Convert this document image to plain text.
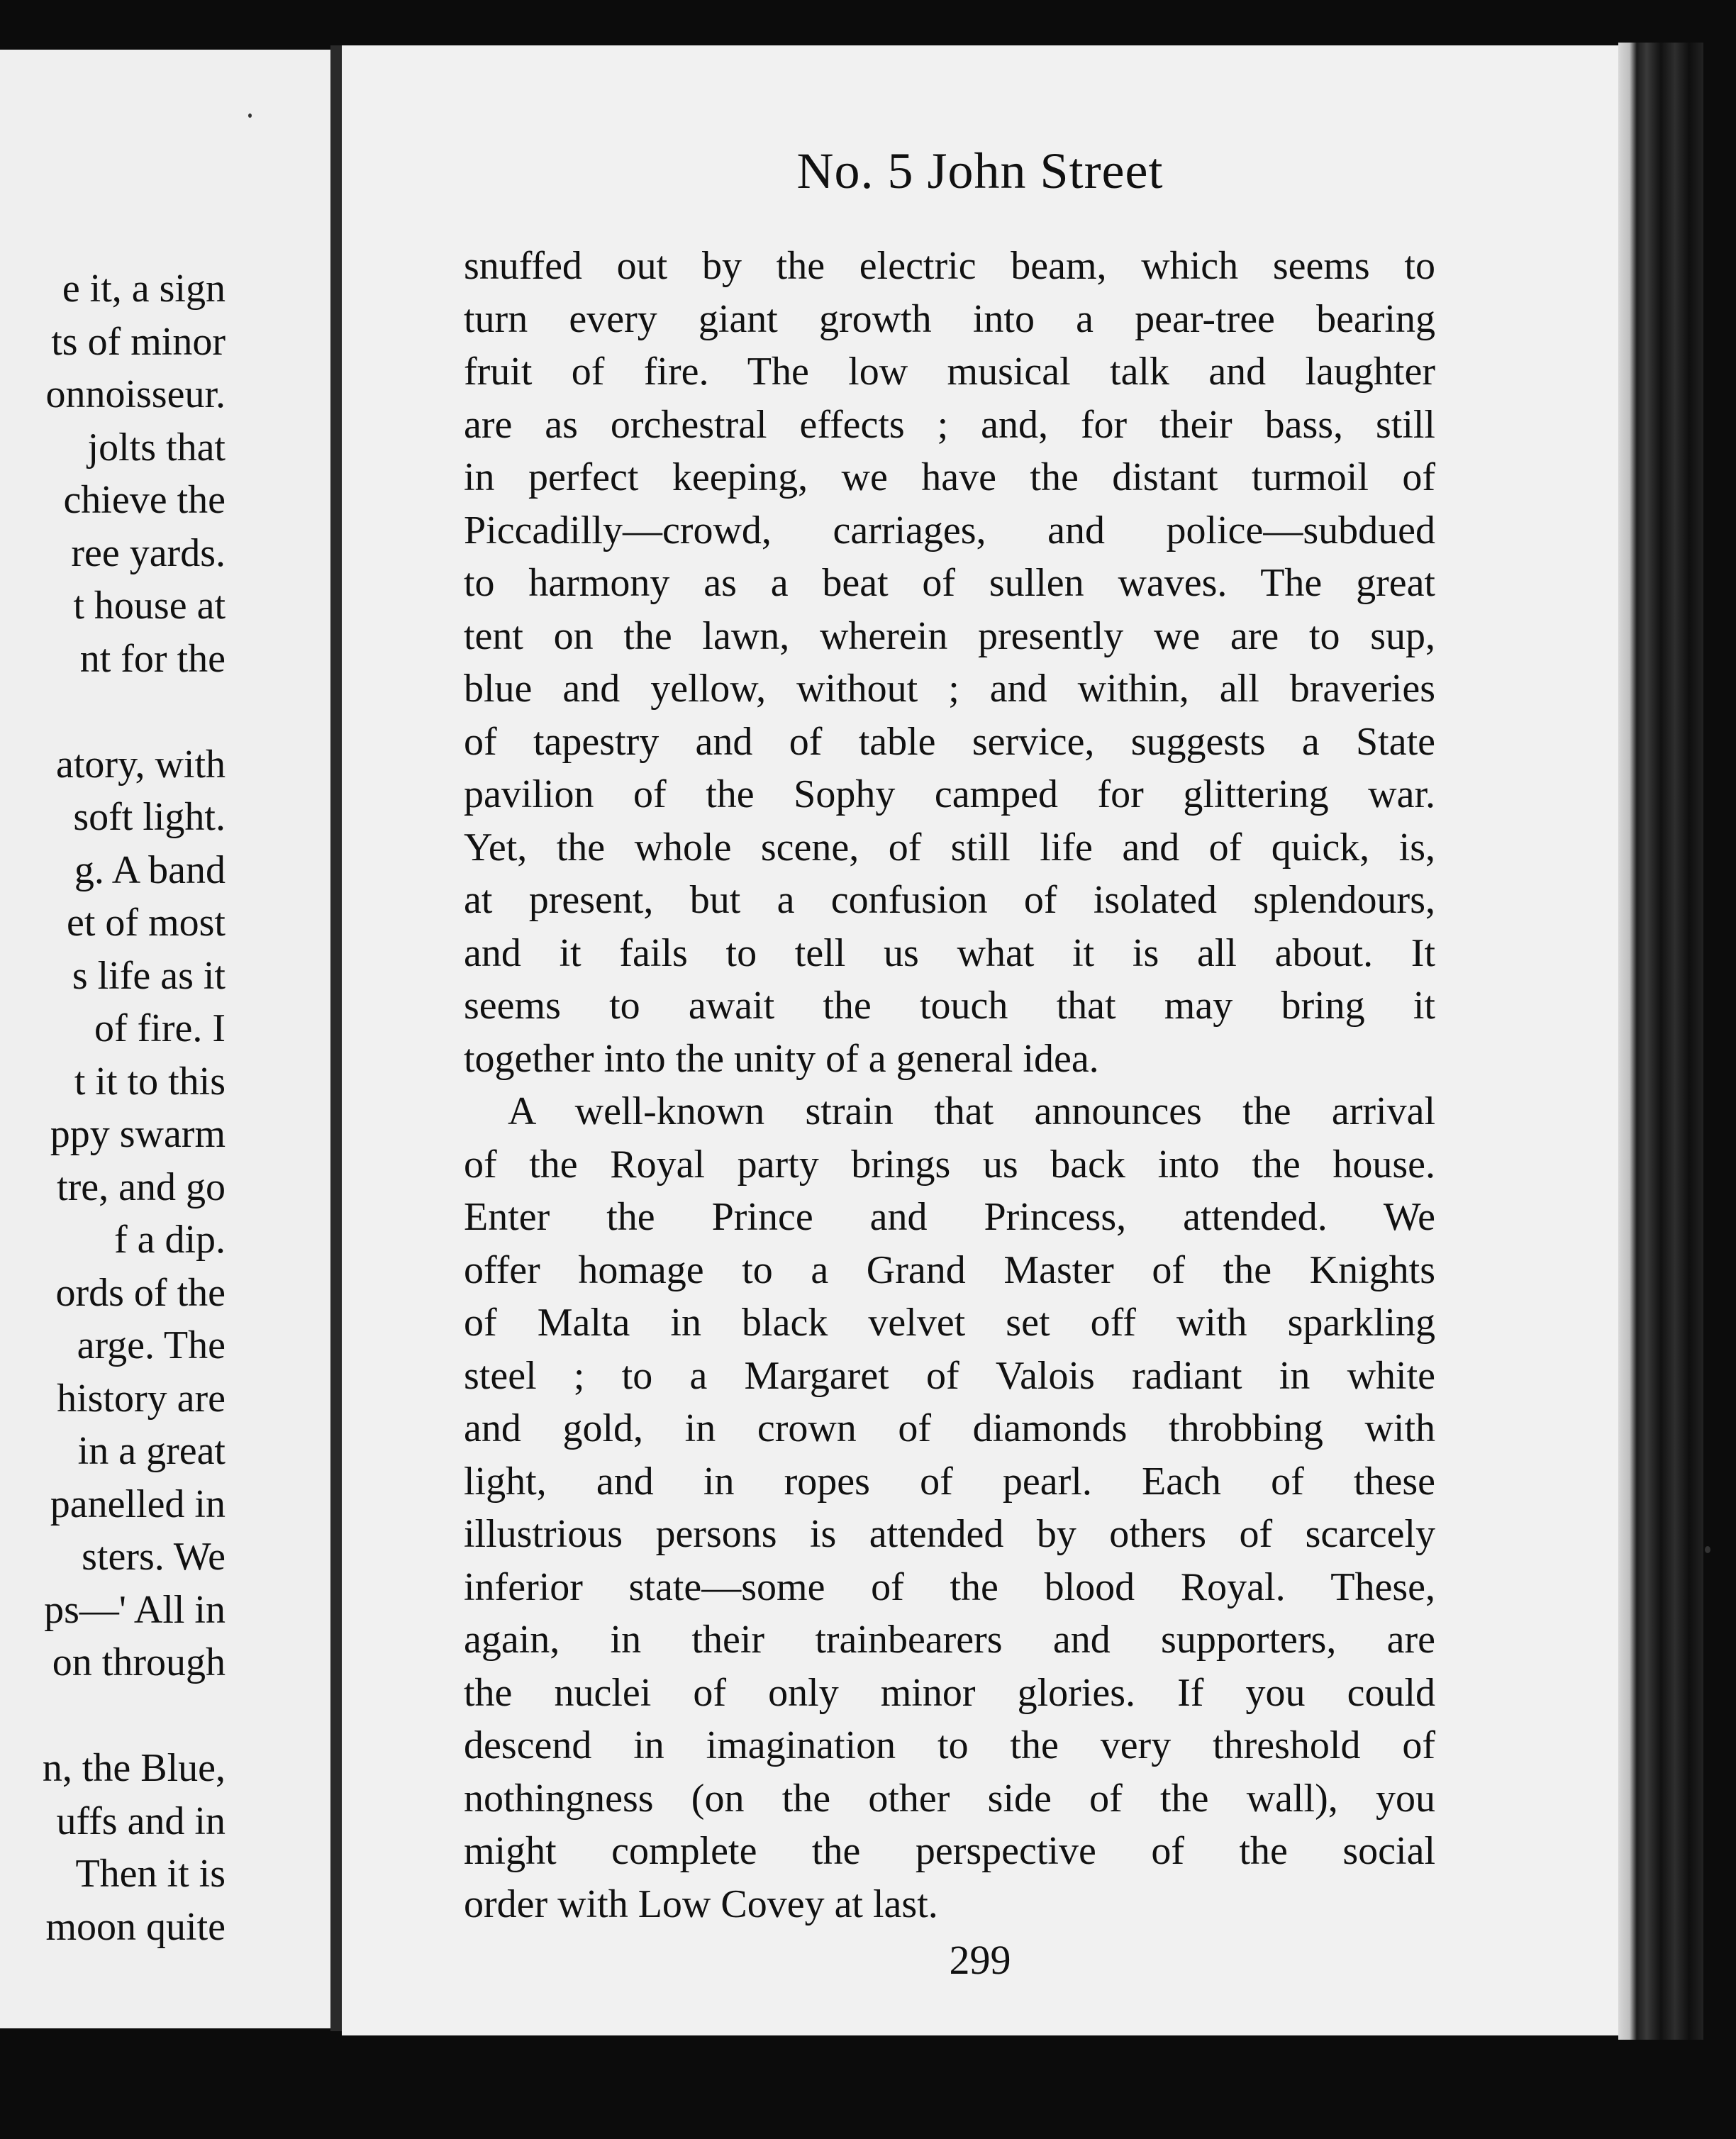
e it, a sign
ts of minor
onnoisseur.
jolts that
chieve the
ree yards.
t house at
nt for the
atory, with
soft light.
g. A band
et of most
s life as it
of fire. I
t it to this
ppy swarm
tre, and go
f a dip.
ords of the
arge. The
history are
in a great
panelled in
sters. We
ps—' All in
on through
n, the Blue,
uffs and in
Then it is
moon quite
No. 5 John Street
snuffed out by the electric beam, which seems to
turn every giant growth into a pear-tree bearing
fruit of fire. The low musical talk and laughter
are as orchestral effects ; and, for their bass, still
in perfect keeping, we have the distant turmoil of
Piccadilly—crowd, carriages, and police—subdued
to harmony as a beat of sullen waves. The great
tent on the lawn, wherein presently we are to sup,
blue and yellow, without ; and within, all braveries
of tapestry and of table service, suggests a State
pavilion of the Sophy camped for glittering war.
Yet, the whole scene, of still life and of quick, is,
at present, but a confusion of isolated splendours,
and it fails to tell us what it is all about. It
seems to await the touch that may bring it
together into the unity of a general idea.
A well-known strain that announces the arrival
of the Royal party brings us back into the house.
Enter the Prince and Princess, attended. We
offer homage to a Grand Master of the Knights
of Malta in black velvet set off with sparkling
steel ; to a Margaret of Valois radiant in white
and gold, in crown of diamonds throbbing with
light, and in ropes of pearl. Each of these
illustrious persons is attended by others of scarcely
inferior state—some of the blood Royal. These,
again, in their trainbearers and supporters, are
the nuclei of only minor glories. If you could
descend in imagination to the very threshold of
nothingness (on the other side of the wall), you
might complete the perspective of the social
order with Low Covey at last.
299
